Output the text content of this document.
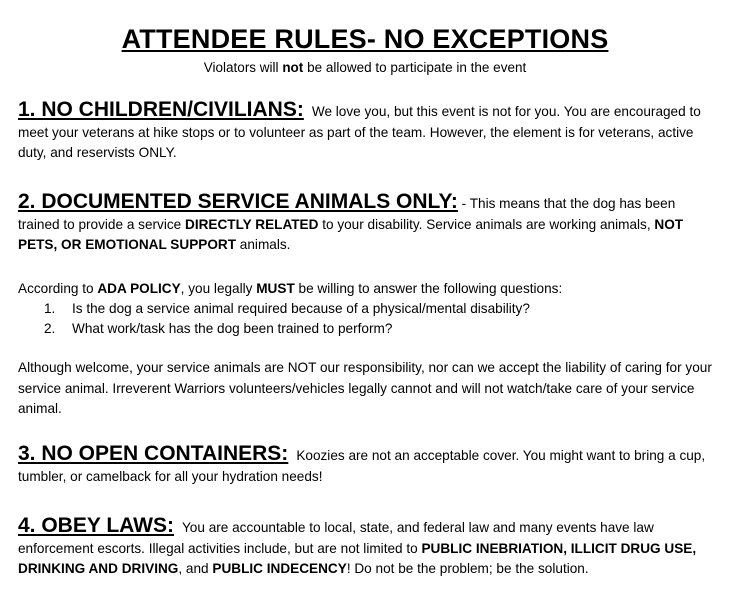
ATTENDEE RULES- NO EXCEPTIONS
Violators will not be allowed to participate in the event
1. NO CHILDREN/CIVILIANS: We love you, but this event is not for you. You are encouraged to meet your veterans at hike stops or to volunteer as part of the team. However, the element is for veterans, active duty, and reservists ONLY.
2. DOCUMENTED SERVICE ANIMALS ONLY: - This means that the dog has been trained to provide a service DIRECTLY RELATED to your disability. Service animals are working animals, NOT PETS, OR EMOTIONAL SUPPORT animals.
According to ADA POLICY, you legally MUST be willing to answer the following questions:
1. Is the dog a service animal required because of a physical/mental disability?
2. What work/task has the dog been trained to perform?
Although welcome, your service animals are NOT our responsibility, nor can we accept the liability of caring for your service animal. Irreverent Warriors volunteers/vehicles legally cannot and will not watch/take care of your service animal.
3. NO OPEN CONTAINERS: Koozies are not an acceptable cover. You might want to bring a cup, tumbler, or camelback for all your hydration needs!
4. OBEY LAWS: You are accountable to local, state, and federal law and many events have law enforcement escorts. Illegal activities include, but are not limited to PUBLIC INEBRIATION, ILLICIT DRUG USE, DRINKING AND DRIVING, and PUBLIC INDECENCY! Do not be the problem; be the solution.
